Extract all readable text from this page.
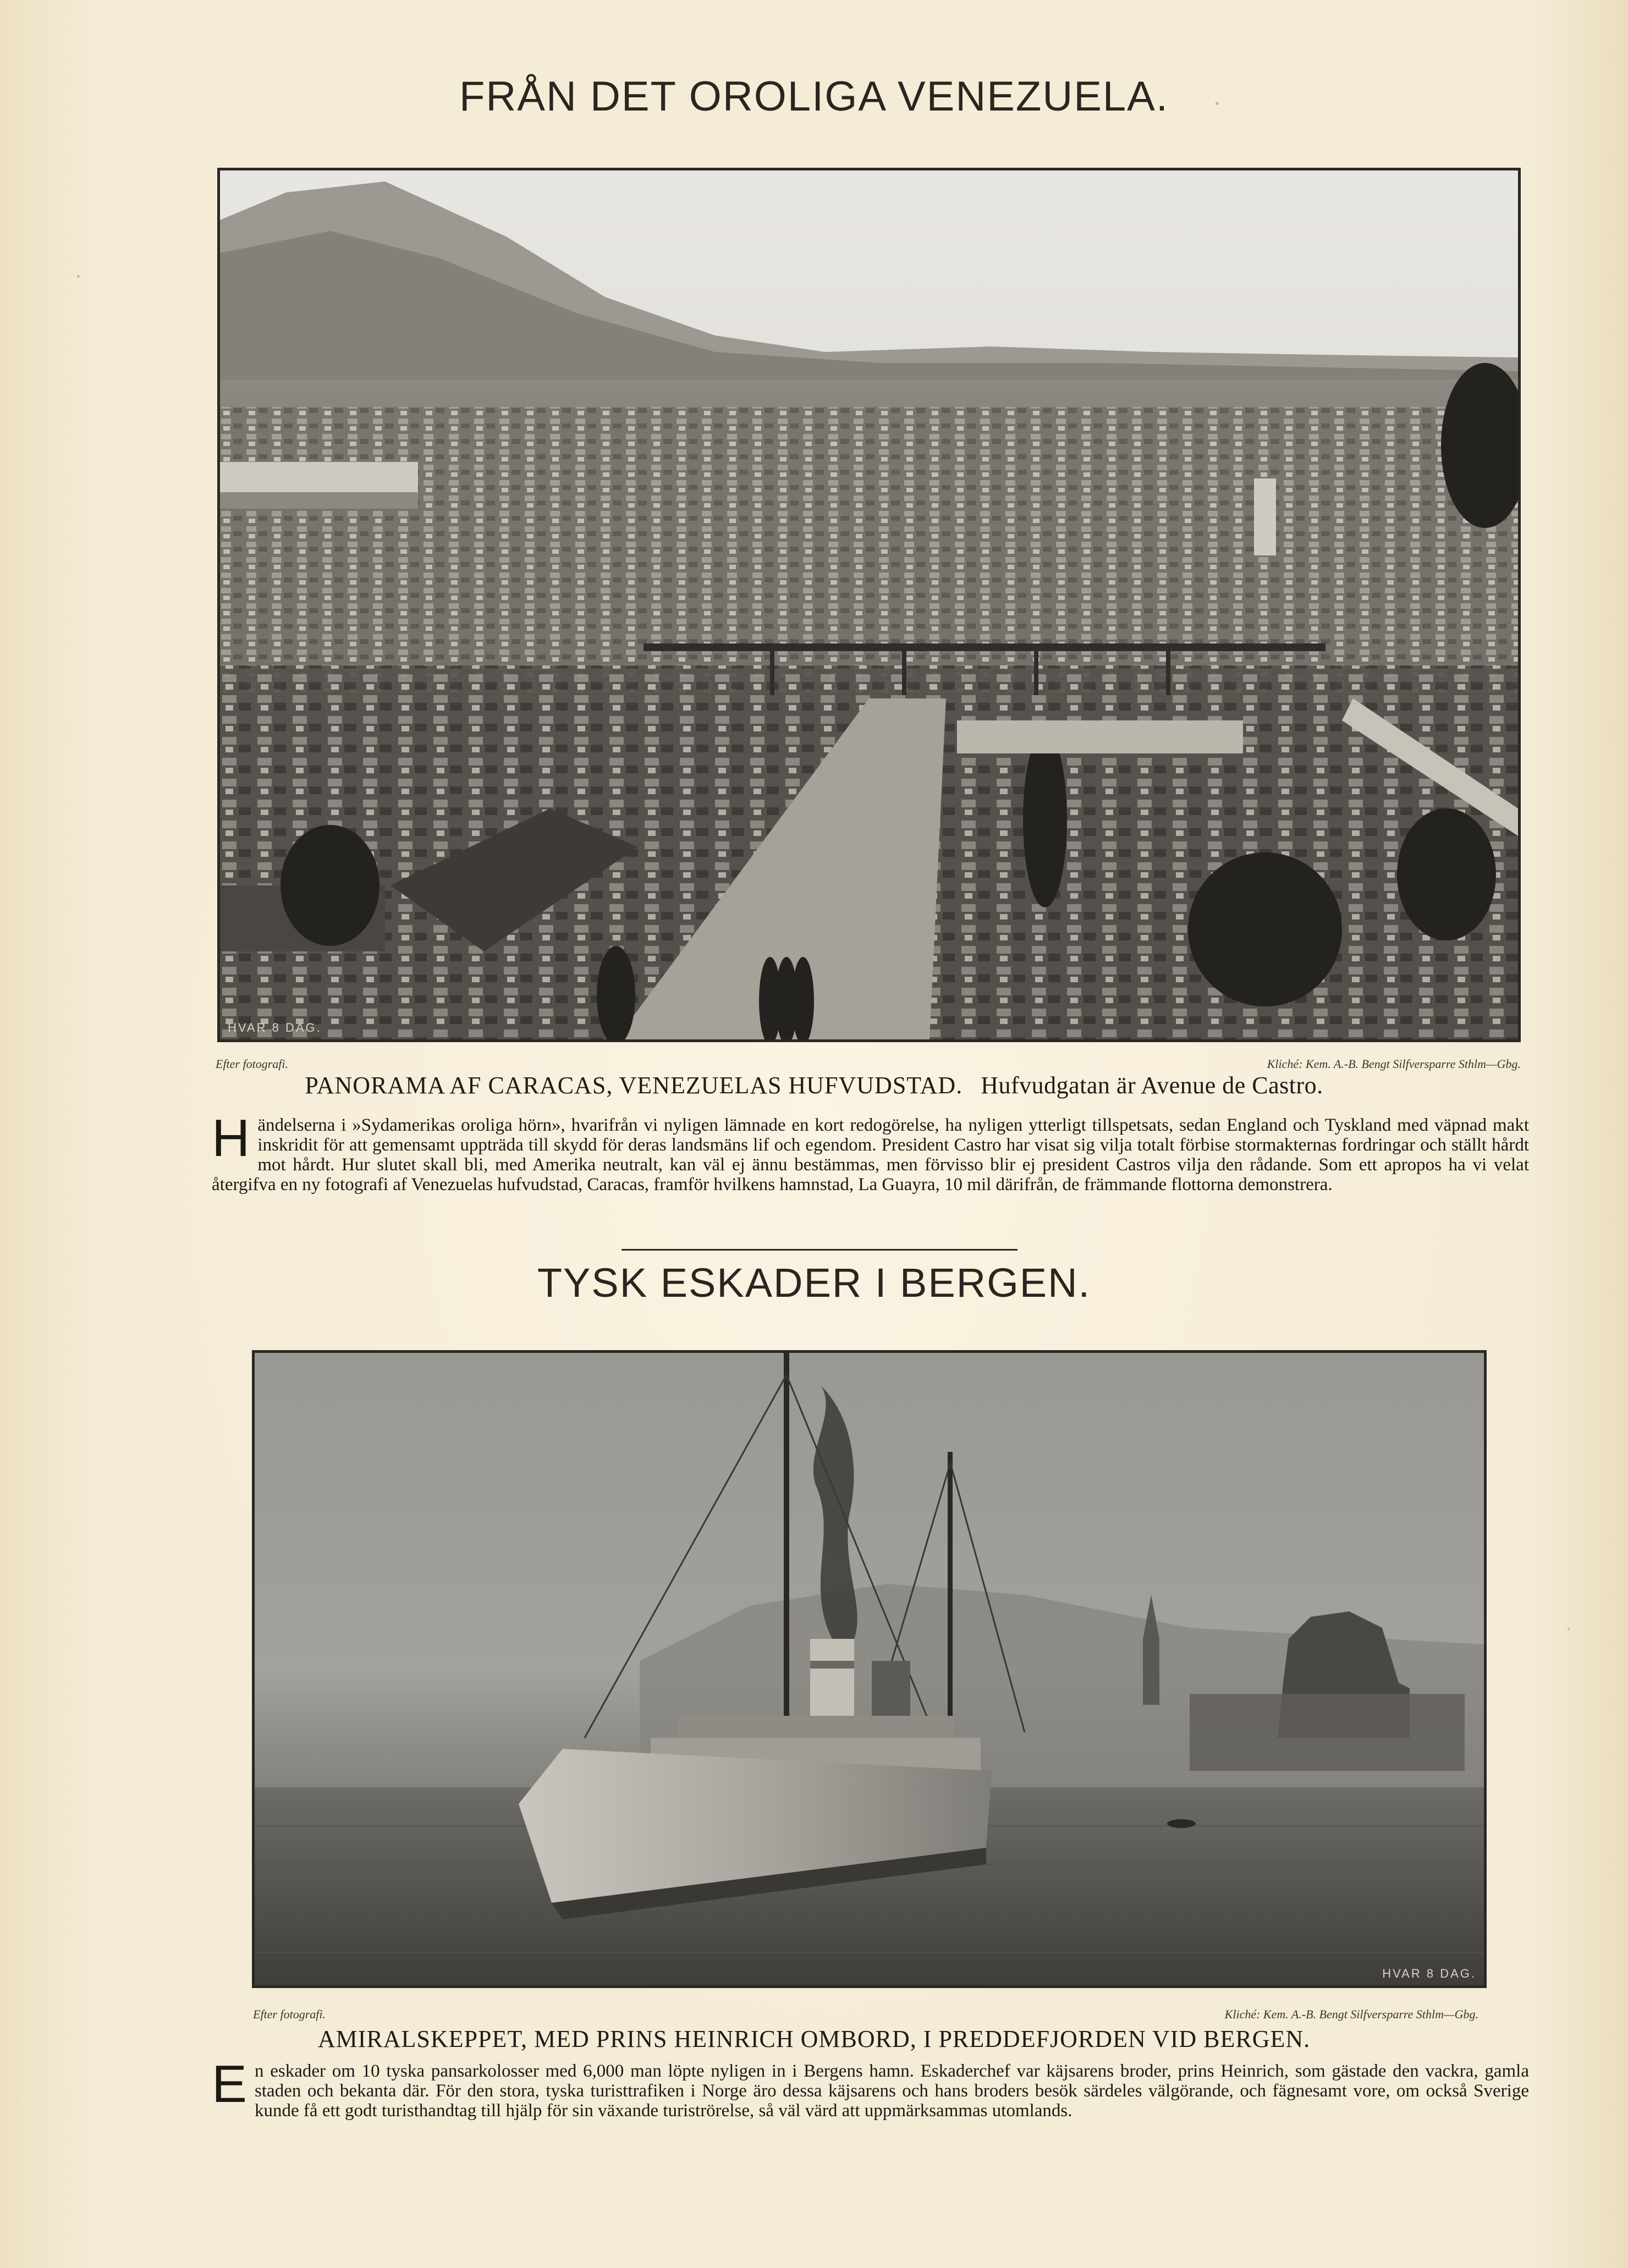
FRÅN DET OROLIGA VENEZUELA.
HVAR 8 DAG.
Efter fotografi.	Kliché: Kem. A.-B. Bengt Silfversparre Sthlm—Gbg.
PANORAMA AF CARACAS, VENEZUELAS HUFVUDSTAD. Hufvudgatan är Avenue de Castro.
Händelserna i »Sydamerikas oroliga hörn», hvarifrån vi nyligen lämnade en kort redogörelse, ha nyligen ytterligt tillspetsats, sedan England och Tyskland med väpnad makt inskridit för att gemensamt uppträda till skydd för deras landsmäns lif och egendom. President Castro har visat sig vilja totalt förbise stormakternas fordringar och ställt hårdt mot hårdt. Hur slutet skall bli, med Amerika neutralt, kan väl ej ännu bestämmas, men förvisso blir ej president Castros vilja den rådande. Som ett apropos ha vi velat återgifva en ny fotografi af Venezuelas hufvudstad, Caracas, framför hvilkens hamnstad, La Guayra, 10 mil därifrån, de främmande flottorna demonstrera.
TYSK ESKADER I BERGEN.
HVAR 8 DAG.
Efter fotografi.	Kliché: Kem. A.-B. Bengt Silfversparre Sthlm—Gbg.
AMIRALSKEPPET, MED PRINS HEINRICH OMBORD, I PREDDEFJORDEN VID BERGEN.
En eskader om 10 tyska pansarkolosser med 6,000 man löpte nyligen in i Bergens hamn. Eskaderchef var käjsarens broder, prins Heinrich, som gästade den vackra, gamla staden och bekanta där. För den stora, tyska turisttrafiken i Norge äro dessa käjsarens och hans broders besök särdeles välgörande, och fägnesamt vore, om också Sverige kunde få ett godt turisthandtag till hjälp för sin växande turiströrelse, så väl värd att uppmärksammas utomlands.
